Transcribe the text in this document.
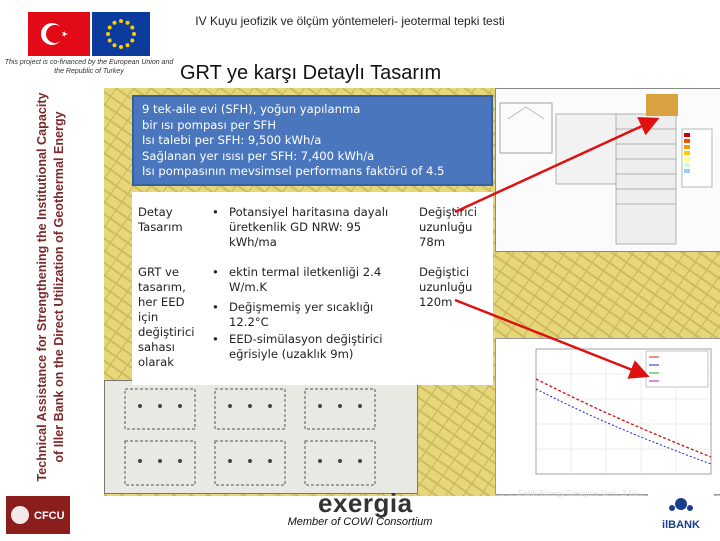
This project is co-financed by the European Union and the Republic of Turkey
IV Kuyu jeofizik ve ölçüm yöntemeleri- jeotermal tepki testi
GRT ye karşı Detaylı Tasarım
Technical Assistance for Strengthening the Institutional Capacity of Iller Bank on the Direct Utilization of Geothermal Energy
Earth Energy Designer Vers. 3.16
9 tek-aile evi (SFH), yoğun yapılanma
bir ısı pompası per SFH
Isı talebi per SFH: 9,500 kWh/a
Sağlanan yer ısısı per SFH: 7,400 kWh/a
Isı pompasının mevsimsel performans faktörü of 4.5
Detay Tasarım
• Potansiyel haritasına dayalı üretkenlik GD NRW: 95 kWh/ma
Değiştirici uzunluğu 78m
GRT ve tasarım, her EED için değiştirici sahası olarak
• ektin termal iletkenliği 2.4 W/m.K
• Değişmemiş yer sıcaklığı 12.2°C
• EED-simülasyon değiştirici eğrisiyle (uzaklık 9m)
Değiştici uzunluğu 120m
CFCU	exergia
Member of COWI Consortium	ilBANK
